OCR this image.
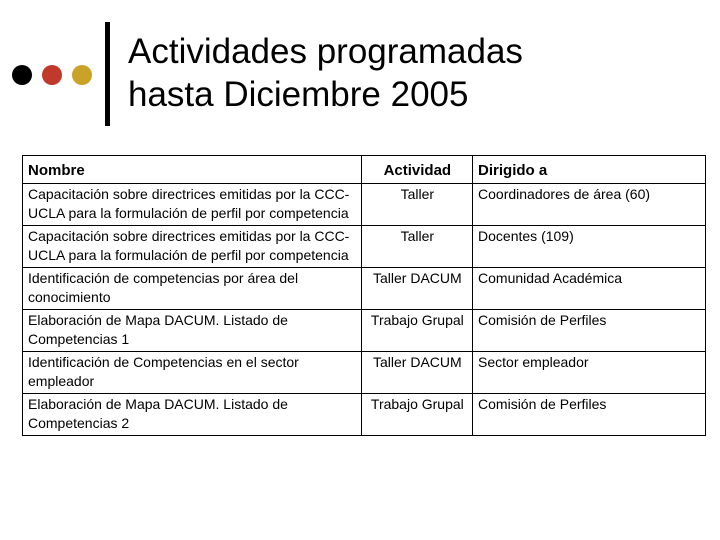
Actividades programadas
hasta Diciembre 2005
Nombre	Actividad	Dirigido a
Capacitación sobre directrices emitidas por la CCC-UCLA para la formulación de perfil por competencia	Taller	Coordinadores de área (60)
Capacitación sobre directrices emitidas por la CCC-UCLA para la formulación de perfil por competencia	Taller	Docentes (109)
Identificación de competencias por área del conocimiento	Taller DACUM	Comunidad Académica
Elaboración de Mapa DACUM. Listado de Competencias 1	Trabajo Grupal	Comisión de Perfiles
Identificación de Competencias en el sector empleador	Taller DACUM	Sector empleador
Elaboración de Mapa DACUM. Listado de Competencias 2	Trabajo Grupal	Comisión de Perfiles
